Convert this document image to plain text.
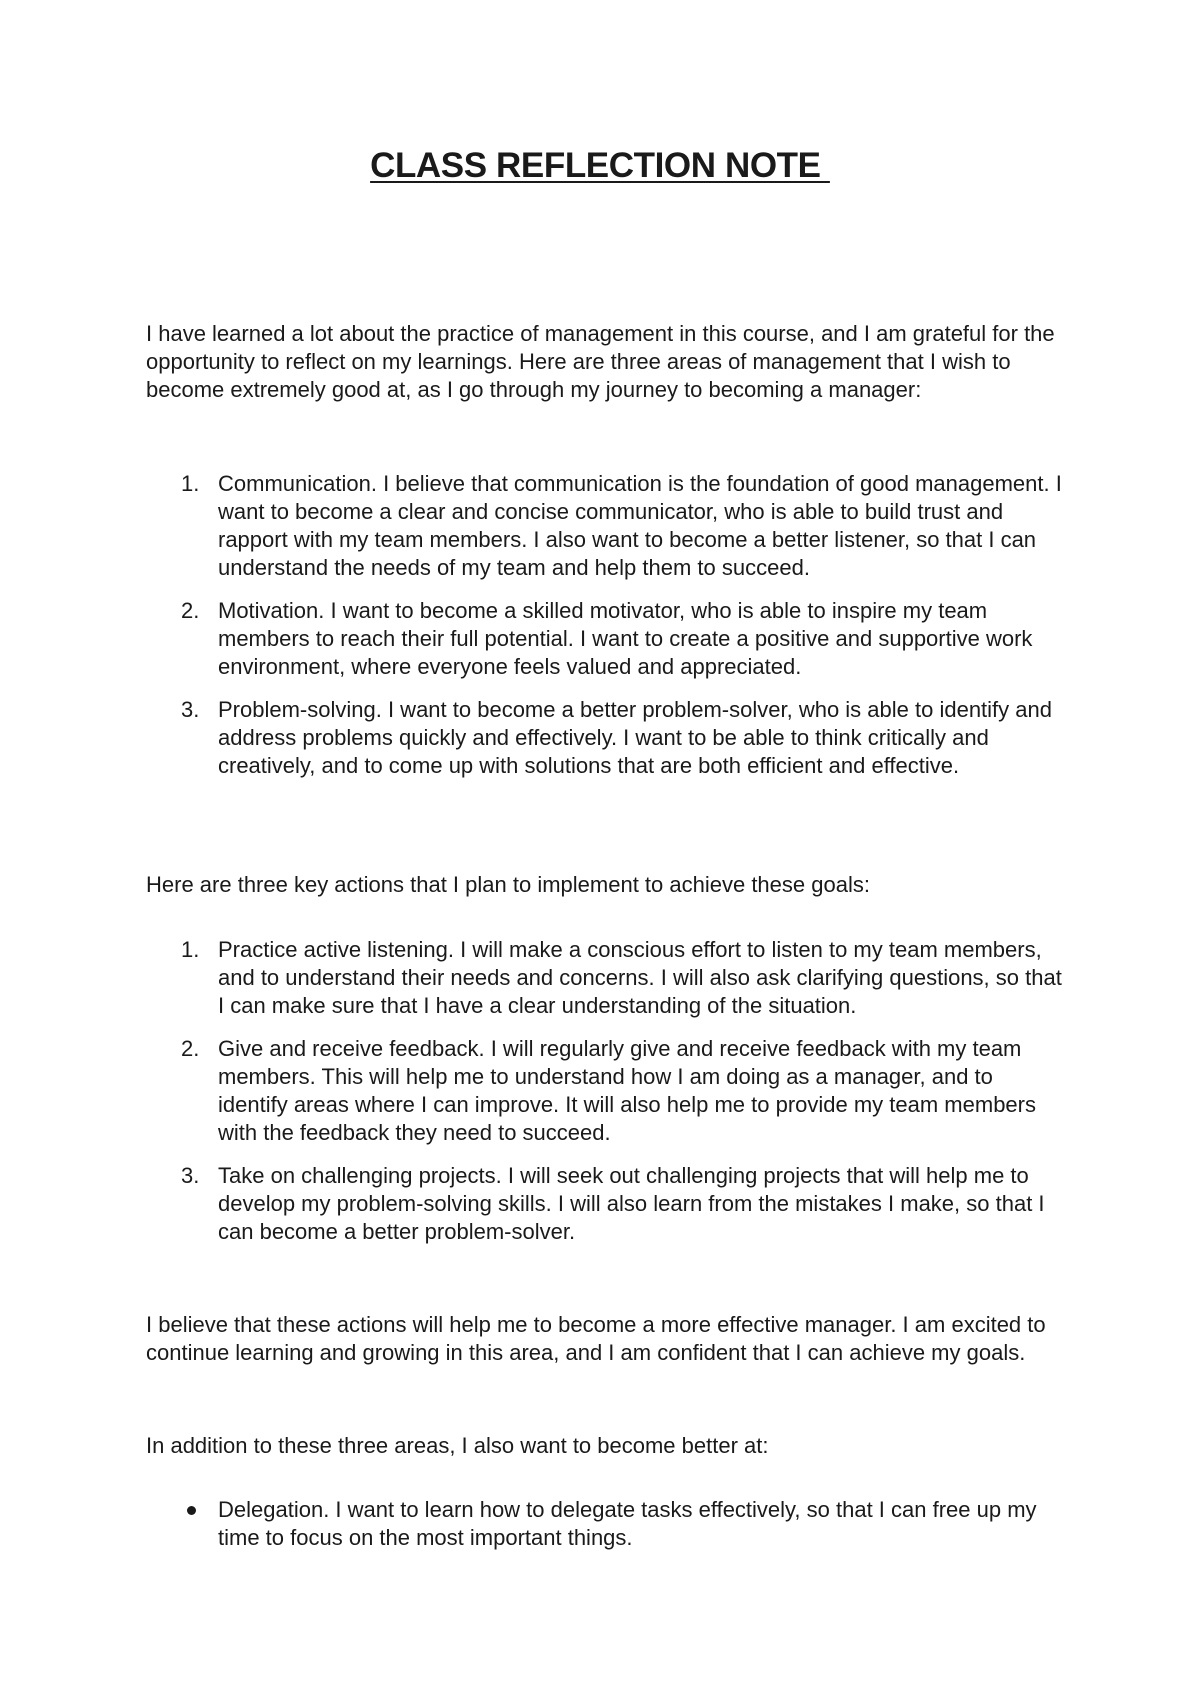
CLASS REFLECTION NOTE

I have learned a lot about the practice of management in this course, and I am grateful for the opportunity to reflect on my learnings. Here are three areas of management that I wish to become extremely good at, as I go through my journey to becoming a manager:

1. Communication. I believe that communication is the foundation of good management. I want to become a clear and concise communicator, who is able to build trust and rapport with my team members. I also want to become a better listener, so that I can understand the needs of my team and help them to succeed.
2. Motivation. I want to become a skilled motivator, who is able to inspire my team members to reach their full potential. I want to create a positive and supportive work environment, where everyone feels valued and appreciated.
3. Problem-solving. I want to become a better problem-solver, who is able to identify and address problems quickly and effectively. I want to be able to think critically and creatively, and to come up with solutions that are both efficient and effective.

Here are three key actions that I plan to implement to achieve these goals:

1. Practice active listening. I will make a conscious effort to listen to my team members, and to understand their needs and concerns. I will also ask clarifying questions, so that I can make sure that I have a clear understanding of the situation.
2. Give and receive feedback. I will regularly give and receive feedback with my team members. This will help me to understand how I am doing as a manager, and to identify areas where I can improve. It will also help me to provide my team members with the feedback they need to succeed.
3. Take on challenging projects. I will seek out challenging projects that will help me to develop my problem-solving skills. I will also learn from the mistakes I make, so that I can become a better problem-solver.

I believe that these actions will help me to become a more effective manager. I am excited to continue learning and growing in this area, and I am confident that I can achieve my goals.

In addition to these three areas, I also want to become better at:

Delegation. I want to learn how to delegate tasks effectively, so that I can free up my time to focus on the most important things.
